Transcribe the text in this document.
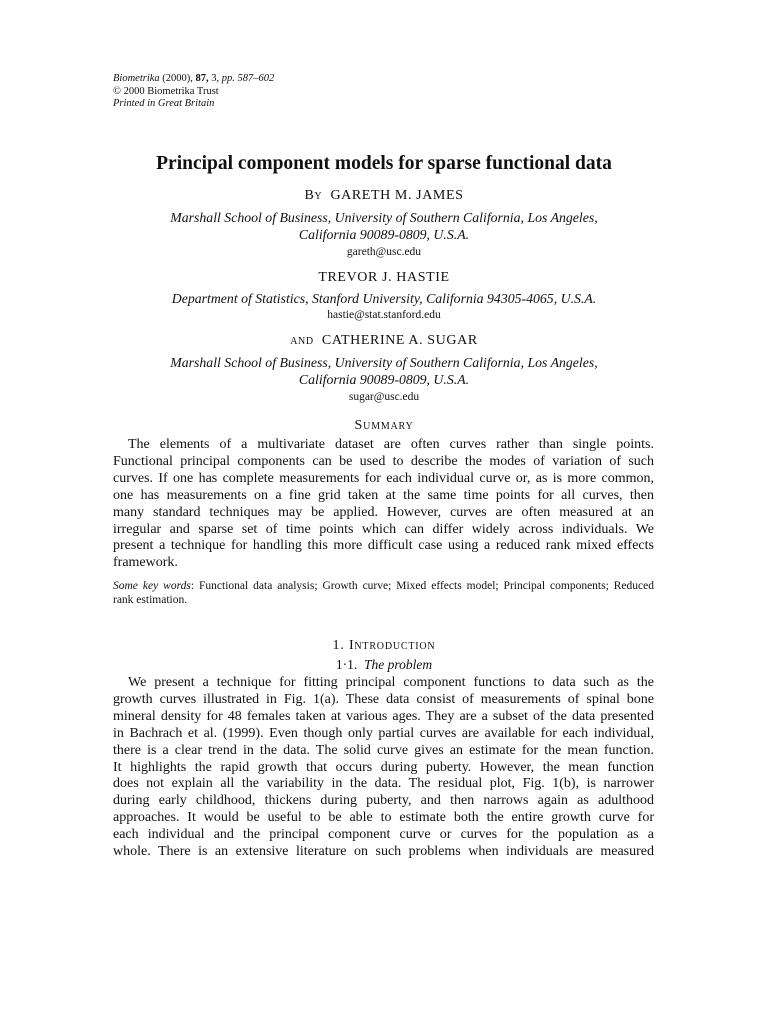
Biometrika (2000), 87, 3, pp. 587–602
© 2000 Biometrika Trust
Printed in Great Britain
Principal component models for sparse functional data
By GARETH M. JAMES
Marshall School of Business, University of Southern California, Los Angeles,
California 90089-0809, U.S.A.
gareth@usc.edu
TREVOR J. HASTIE
Department of Statistics, Stanford University, California 94305-4065, U.S.A.
hastie@stat.stanford.edu
and CATHERINE A. SUGAR
Marshall School of Business, University of Southern California, Los Angeles,
California 90089-0809, U.S.A.
sugar@usc.edu
Summary
The elements of a multivariate dataset are often curves rather than single points.
Functional principal components can be used to describe the modes of variation of such
curves. If one has complete measurements for each individual curve or, as is more common,
one has measurements on a fine grid taken at the same time points for all curves, then
many standard techniques may be applied. However, curves are often measured at an
irregular and sparse set of time points which can differ widely across individuals. We
present a technique for handling this more difficult case using a reduced rank mixed effects
framework.
Some key words: Functional data analysis; Growth curve; Mixed effects model; Principal components; Reduced
rank estimation.
1. Introduction
1·1. The problem
We present a technique for fitting principal component functions to data such as the
growth curves illustrated in Fig. 1(a). These data consist of measurements of spinal bone
mineral density for 48 females taken at various ages. They are a subset of the data presented
in Bachrach et al. (1999). Even though only partial curves are available for each individual,
there is a clear trend in the data. The solid curve gives an estimate for the mean function.
It highlights the rapid growth that occurs during puberty. However, the mean function
does not explain all the variability in the data. The residual plot, Fig. 1(b), is narrower
during early childhood, thickens during puberty, and then narrows again as adulthood
approaches. It would be useful to be able to estimate both the entire growth curve for
each individual and the principal component curve or curves for the population as a
whole. There is an extensive literature on such problems when individuals are measured
